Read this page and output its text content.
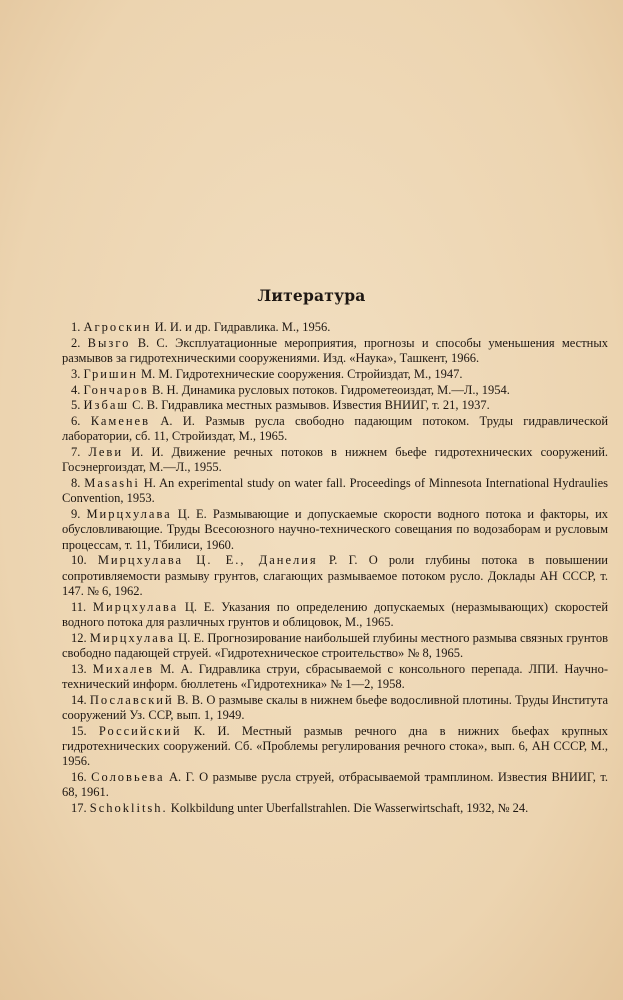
Литература
1. Агроскин И. И. и др. Гидравлика. М., 1956.
2. Вызго В. С. Эксплуатационные мероприятия, прогнозы и способы уменьшения местных размывов за гидротехническими сооружениями. Изд. «Наука», Ташкент, 1966.
3. Гришин М. М. Гидротехнические сооружения. Стройиздат, М., 1947.
4. Гончаров В. Н. Динамика русловых потоков. Гидрометеоиздат, М.—Л., 1954.
5. Избаш С. В. Гидравлика местных размывов. Известия ВНИИГ, т. 21, 1937.
6. Каменев А. И. Размыв русла свободно падающим потоком. Труды гидравлической лаборатории, сб. 11, Стройиздат, М., 1965.
7. Леви И. И. Движение речных потоков в нижнем бьефе гидротехнических сооружений. Госэнергоиздат, М.—Л., 1955.
8. Masashi H. An experimental study on water fall. Proceedings of Minnesota International Hydraulies Convention, 1953.
9. Мирцхулава Ц. Е. Размывающие и допускаемые скорости водного потока и факторы, их обусловливающие. Труды Всесоюзного научно-технического совещания по водозаборам и русловым процессам, т. 11, Тбилиси, 1960.
10. Мирцхулава Ц. Е., Данелия Р. Г. О роли глубины потока в повышении сопротивляемости размыву грунтов, слагающих размываемое потоком русло. Доклады АН СССР, т. 147. № 6, 1962.
11. Мирцхулава Ц. Е. Указания по определению допускаемых (неразмывающих) скоростей водного потока для различных грунтов и облицовок, М., 1965.
12. Мирцхулава Ц. Е. Прогнозирование наибольшей глубины местного размыва связных грунтов свободно падающей струей. «Гидротехническое строительство» № 8, 1965.
13. Михалев М. А. Гидравлика струи, сбрасываемой с консольного перепада. ЛПИ. Научно-технический информ. бюллетень «Гидротехника» № 1—2, 1958.
14. Пославский В. В. О размыве скалы в нижнем бьефе водосливной плотины. Труды Института сооружений Уз. ССР, вып. 1, 1949.
15. Российский К. И. Местный размыв речного дна в нижних бьефах крупных гидротехнических сооружений. Сб. «Проблемы регулирования речного стока», вып. 6, АН СССР, М., 1956.
16. Соловьева А. Г. О размыве русла струей, отбрасываемой трамплином. Известия ВНИИГ, т. 68, 1961.
17. Schoklitsh. Kolkbildung unter Uberfallstrahlen. Die Wasserwirtschaft, 1932, № 24.
